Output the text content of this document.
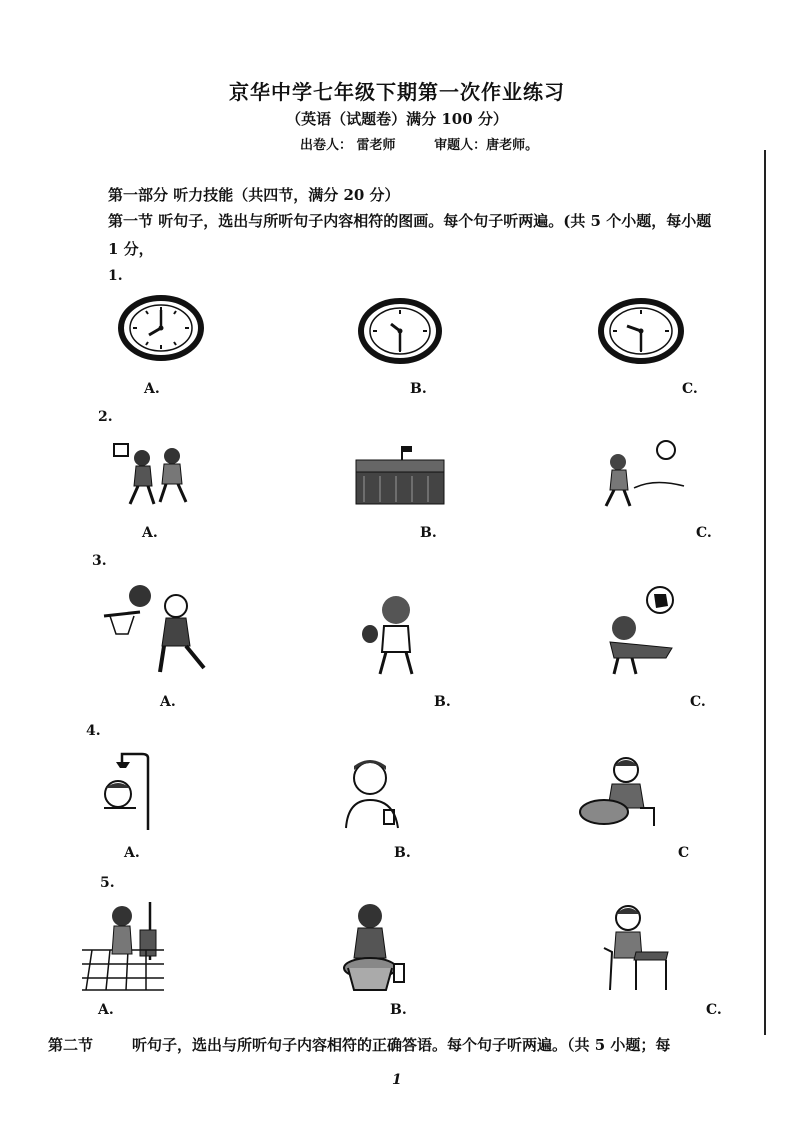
京华中学七年级下期第一次作业练习
（英语（试题卷）满分 100 分）
出卷人： 雷老师	审题人：唐老师。
第一部分 听力技能（共四节，满分 20 分）
第一节 听句子，选出与所听句子内容相符的图画。每个句子听两遍。(共 5 个小题，每小题
1 分，
1.
A.	B.	C.
2.
A.	B.	C.
3.
A.	B.	C.
4.
A.	B.	C
5.
A.	B.	C.
第二节	听句子，选出与所听句子内容相符的正确答语。每个句子听两遍。（共 5 小题；每
1
